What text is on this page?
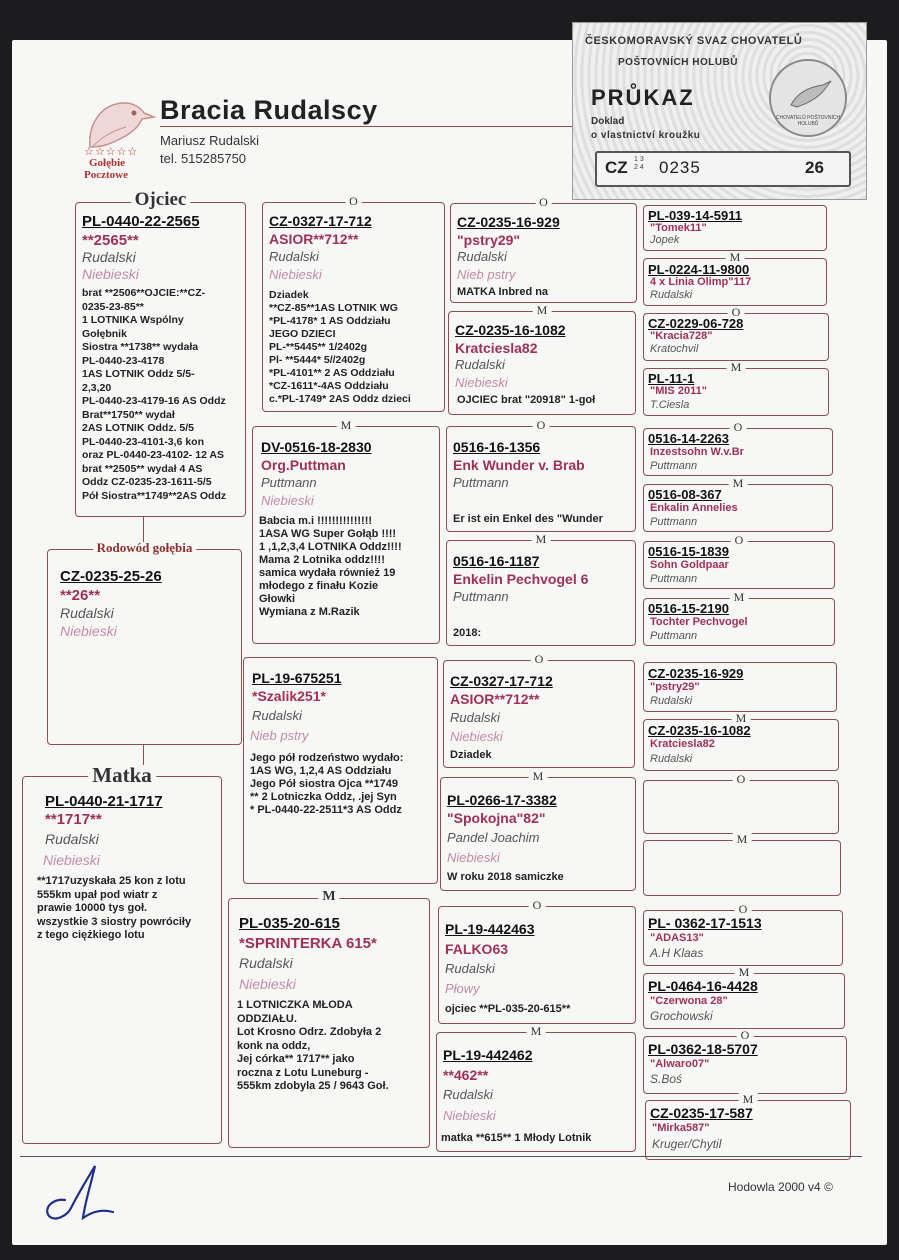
☆☆☆☆☆
Gołębie
Pocztowe
Bracia Rudalscy
Mariusz Rudalski
tel. 515285750
ČESKOMORAVSKÝ SVAZ CHOVATELŮ
POŠTOVNÍCH HOLUBŮ
PRŮKAZ
Doklad
o vlastnictví kroužku
CHOVATELŮ POŠTOVNÍCH HOLUBŮ
CZ 1 3
2 4 0235	26
Ojciec
PL-0440-22-2565
**2565**
Rudalski
Niebieski
brat **2506**OJCIE:**CZ-
0235-23-85**
1 LOTNIKA Wspólny
Gołębnik
Siostra **1738** wydała
PL-0440-23-4178
1AS LOTNIK Oddz 5/5-
2,3,20
PL-0440-23-4179-16 AS Oddz
Brat**1750** wydał
2AS LOTNIK Oddz. 5/5
PL-0440-23-4101-3,6 kon
oraz PL-0440-23-4102- 12 AS
brat **2505** wydał 4 AS
Oddz CZ-0235-23-1611-5/5
Pół Siostra**1749**2AS Oddz
Rodowód gołębia
CZ-0235-25-26
**26**
Rudalski
Niebieski
Matka
PL-0440-21-1717
**1717**
Rudalski
Niebieski
**1717uzyskała 25 kon z lotu
555km upał pod wiatr z
prawie 10000 tys goł.
wszystkie 3 siostry powróciły
z tego ciężkiego lotu
O
CZ-0327-17-712
ASIOR**712**
Rudalski
Niebieski
Dziadek
**CZ-85**1AS LOTNIK WG
*PL-4178* 1 AS Oddziału
JEGO DZIECI
PL-**5445** 1/2402g
Pl- **5444* 5//2402g
*PL-4101** 2 AS Oddziału
*CZ-1611*-4AS Oddziału
c.*PL-1749* 2AS Oddz dzieci
M
DV-0516-18-2830
Org.Puttman
Puttmann
Niebieski
Babcia m.i !!!!!!!!!!!!!!!
1ASA WG Super Gołąb !!!!
1 ,1,2,3,4 LOTNIKA Oddz!!!!
Mama 2 Lotnika oddz!!!!
samica wydała również 19
młodego z finału Kozie
Głowki
Wymiana z M.Razik
PL-19-675251
*Szalik251*
Rudalski
Nieb pstry
Jego pół rodzeństwo wydało:
1AS WG, 1,2,4 AS Oddziału
Jego Pół siostra Ojca **1749
** 2 Lotniczka Oddz, .jej Syn
* PL-0440-22-2511*3 AS Oddz
M
PL-035-20-615
*SPRINTERKA 615*
Rudalski
Niebieski
1 LOTNICZKA MŁODA
ODDZIAŁU.
Lot Krosno Odrz. Zdobyła 2
konk na oddz,
Jej córka** 1717** jako
roczna z Lotu Luneburg -
555km zdobyla 25 / 9643 Goł.
O
CZ-0235-16-929
"pstry29"
Rudalski
Nieb pstry
MATKA Inbred na
M
CZ-0235-16-1082
Kratciesla82
Rudalski
Niebieski
OJCIEC brat "20918" 1-goł
O
0516-16-1356
Enk Wunder v. Brab
Puttmann
Er ist ein Enkel des "Wunder
M
0516-16-1187
Enkelin Pechvogel 6
Puttmann
2018:
O
CZ-0327-17-712
ASIOR**712**
Rudalski
Niebieski
Dziadek
M
PL-0266-17-3382
"Spokojna"82"
Pandel Joachim
Niebieski
W roku 2018 samiczke
O
PL-19-442463
FALKO63
Rudalski
Płowy
ojciec **PL-035-20-615**
M
PL-19-442462
**462**
Rudalski
Niebieski
matka **615** 1 Młody Lotnik
PL-039-14-5911
"Tomek11"
Jopek
M
PL-0224-11-9800
4 x Linia Olimp"117
Rudalski
O
CZ-0229-06-728
"Kracia728"
Kratochvil
M
PL-11-1
"MIS 2011"
T.Ciesla
O
0516-14-2263
Inzestsohn W.v.Br
Puttmann
M
0516-08-367
Enkalin Annelies
Puttmann
O
0516-15-1839
Sohn Goldpaar
Puttmann
M
0516-15-2190
Tochter Pechvogel
Puttmann
CZ-0235-16-929
"pstry29"
Rudalski
M
CZ-0235-16-1082
Kratciesla82
Rudalski
O
M
O
PL- 0362-17-1513
"ADAS13"
A.H Klaas
M
PL-0464-16-4428
"Czerwona 28"
Grochowski
O
PL-0362-18-5707
"Alwaro07"
S.Boś
M
CZ-0235-17-587
"Mirka587"
Kruger/Chytil
Hodowla 2000 v4 ©
